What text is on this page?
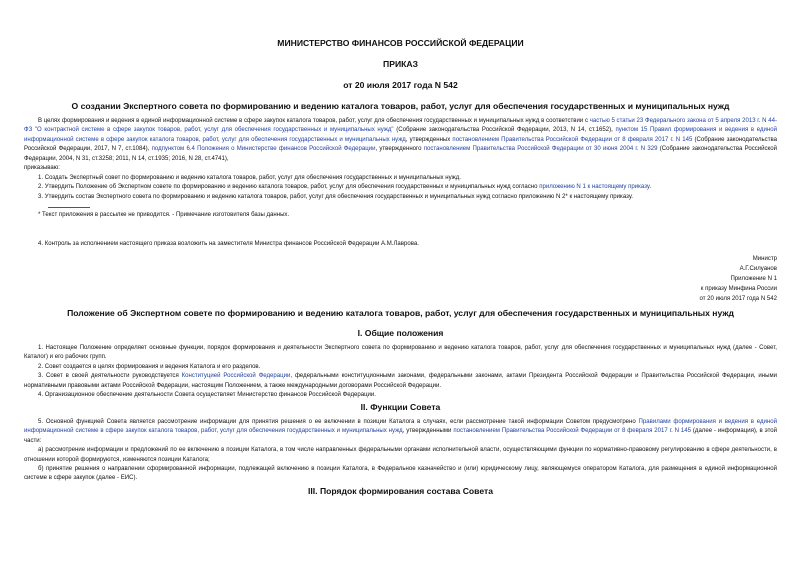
МИНИСТЕРСТВО ФИНАНСОВ РОССИЙСКОЙ ФЕДЕРАЦИИ

ПРИКАЗ

от 20 июля 2017 года N 542

О создании Экспертного совета по формированию и ведению каталога товаров, работ, услуг для обеспечения государственных и муниципальных нужд

В целях формирования и ведения в единой информационной системе в сфере закупок каталога товаров, работ, услуг для обеспечения государственных и муниципальных нужд в соответствии с частью 5 статьи 23 Федерального закона от 5 апреля 2013 г. N 44-ФЗ "О контрактной системе в сфере закупок товаров, работ, услуг для обеспечения государственных и муниципальных нужд" (Собрание законодательства Российской Федерации, 2013, N 14, ст.1652), пунктом 15 Правил формирования и ведения в единой информационной системе в сфере закупок каталога товаров, работ, услуг для обеспечения государственных и муниципальных нужд, утвержденных постановлением Правительства Российской Федерации от 8 февраля 2017 г. N 145 (Собрание законодательства Российской Федерации, 2017, N 7, ст.1084), подпунктом 6.4 Положения о Министерстве финансов Российской Федерации, утвержденного постановлением Правительства Российской Федерации от 30 июня 2004 г. N 329 (Собрание законодательства Российской Федерации, 2004, N 31, ст.3258; 2011, N 14, ст.1935; 2016, N 28, ст.4741),

приказываю:

1. Создать Экспертный совет по формированию и ведению каталога товаров, работ, услуг для обеспечения государственных и муниципальных нужд.

2. Утвердить Положение об Экспертном совете по формированию и ведению каталога товаров, работ, услуг для обеспечения государственных и муниципальных нужд согласно приложению N 1 к настоящему приказу.

3. Утвердить состав Экспертного совета по формированию и ведению каталога товаров, работ, услуг для обеспечения государственных и муниципальных нужд согласно приложению N 2* к настоящему приказу.

* Текст приложения в рассылке не приводится. - Примечание изготовителя базы данных.

4. Контроль за исполнением настоящего приказа возложить на заместителя Министра финансов Российской Федерации А.М.Лаврова.

Министр

А.Г.Силуанов

Приложение N 1

к приказу Минфина России

от 20 июля 2017 года N 542

Положение об Экспертном совете по формированию и ведению каталога товаров, работ, услуг для обеспечения государственных и муниципальных нужд

I. Общие положения

1. Настоящее Положение определяет основные функции, порядок формирования и деятельности Экспертного совета по формированию и ведению каталога товаров, работ, услуг для обеспечения государственных и муниципальных нужд (далее - Совет, Каталог) и его рабочих групп.

2. Совет создается в целях формирования и ведения Каталога и его разделов.

3. Совет в своей деятельности руководствуется Конституцией Российской Федерации, федеральными конституционными законами, федеральными законами, актами Президента Российской Федерации и Правительства Российской Федерации, иными нормативными правовыми актами Российской Федерации, настоящим Положением, а также международными договорами Российской Федерации.

4. Организационное обеспечение деятельности Совета осуществляет Министерство финансов Российской Федерации.

II. Функции Совета

5. Основной функцией Совета является рассмотрение информации для принятия решения о ее включении в позиции Каталога в случаях, если рассмотрение такой информации Советом предусмотрено Правилами формирования и ведения в единой информационной системе в сфере закупок каталога товаров, работ, услуг для обеспечения государственных и муниципальных нужд, утвержденными постановлением Правительства Российской Федерации от 8 февраля 2017 г. N 145 (далее - информация), в этой части:

а) рассмотрение информации и предложений по ее включению в позиции Каталога, в том числе направленных федеральными органами исполнительной власти, осуществляющими функции по нормативно-правовому регулированию в сфере деятельности, в отношении которой формируются, изменяются позиции Каталога;

б) принятие решения о направлении сформированной информации, подлежащей включению в позиции Каталога, в Федеральное казначейство и (или) юридическому лицу, являющемуся оператором Каталога, для размещения в единой информационной системе в сфере закупок (далее - ЕИС).

III. Порядок формирования состава Совета
